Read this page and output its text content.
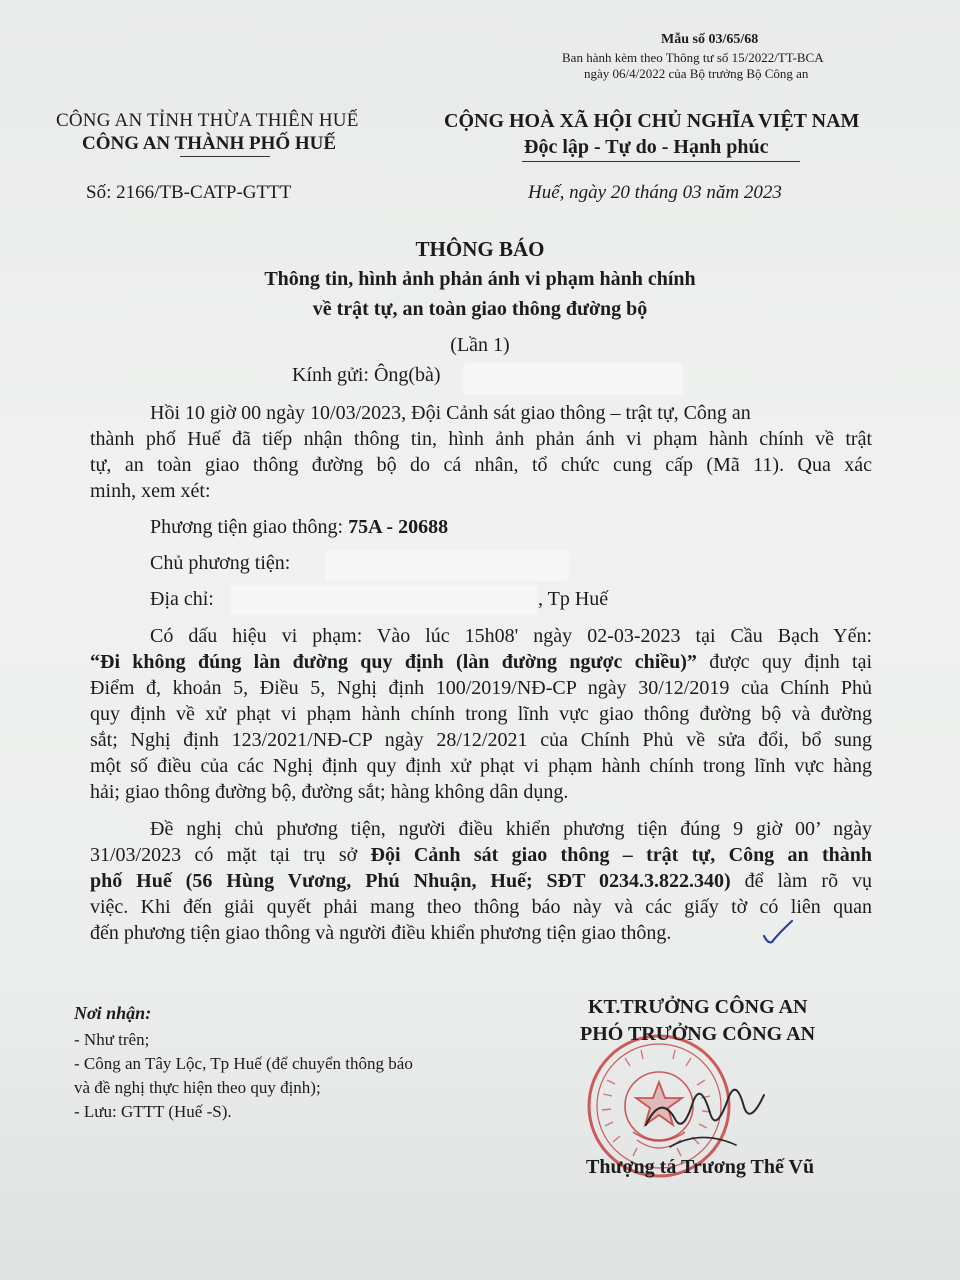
Mẫu số 03/65/68
Ban hành kèm theo Thông tư số 15/2022/TT-BCA
ngày 06/4/2022 của Bộ trưởng Bộ Công an
CÔNG AN TỈNH THỪA THIÊN HUẾ
CÔNG AN THÀNH PHỐ HUẾ
CỘNG HOÀ XÃ HỘI CHỦ NGHĨA VIỆT NAM
Độc lập - Tự do - Hạnh phúc
Số: 2166/TB-CATP-GTTT	Huế, ngày 20 tháng 03 năm 2023
THÔNG BÁO
Thông tin, hình ảnh phản ánh vi phạm hành chính
về trật tự, an toàn giao thông đường bộ
(Lần 1)
Kính gửi: Ông(bà)
Hồi 10 giờ 00 ngày 10/03/2023, Đội Cảnh sát giao thông – trật tự, Công an
thành phố Huế đã tiếp nhận thông tin, hình ảnh phản ánh vi phạm hành chính về trật
tự, an toàn giao thông đường bộ do cá nhân, tổ chức cung cấp (Mã 11). Qua xác
minh, xem xét:
Phương tiện giao thông: 75A - 20688
Chủ phương tiện:
Địa chỉ:	, Tp Huế
Có dấu hiệu vi phạm: Vào lúc 15h08' ngày 02-03-2023 tại Cầu Bạch Yến:
“Đi không đúng làn đường quy định (làn đường ngược chiều)” được quy định tại
Điểm đ, khoản 5, Điều 5, Nghị định 100/2019/NĐ-CP ngày 30/12/2019 của Chính Phủ
quy định về xử phạt vi phạm hành chính trong lĩnh vực giao thông đường bộ và đường
sắt; Nghị định 123/2021/NĐ-CP ngày 28/12/2021 của Chính Phủ về sửa đổi, bổ sung
một số điều của các Nghị định quy định xử phạt vi phạm hành chính trong lĩnh vực hàng
hải; giao thông đường bộ, đường sắt; hàng không dân dụng.
Đề nghị chủ phương tiện, người điều khiển phương tiện đúng 9 giờ 00’ ngày
31/03/2023 có mặt tại trụ sở Đội Cảnh sát giao thông – trật tự, Công an thành
phố Huế (56 Hùng Vương, Phú Nhuận, Huế; SĐT 0234.3.822.340) để làm rõ vụ
việc. Khi đến giải quyết phải mang theo thông báo này và các giấy tờ có liên quan
đến phương tiện giao thông và người điều khiển phương tiện giao thông.
Nơi nhận:
- Như trên;
- Công an Tây Lộc, Tp Huế (để chuyển thông báo
và đề nghị thực hiện theo quy định);
- Lưu: GTTT (Huế -S).
KT.TRƯỞNG CÔNG AN
PHÓ TRƯỞNG CÔNG AN
Thượng tá Trương Thế Vũ
